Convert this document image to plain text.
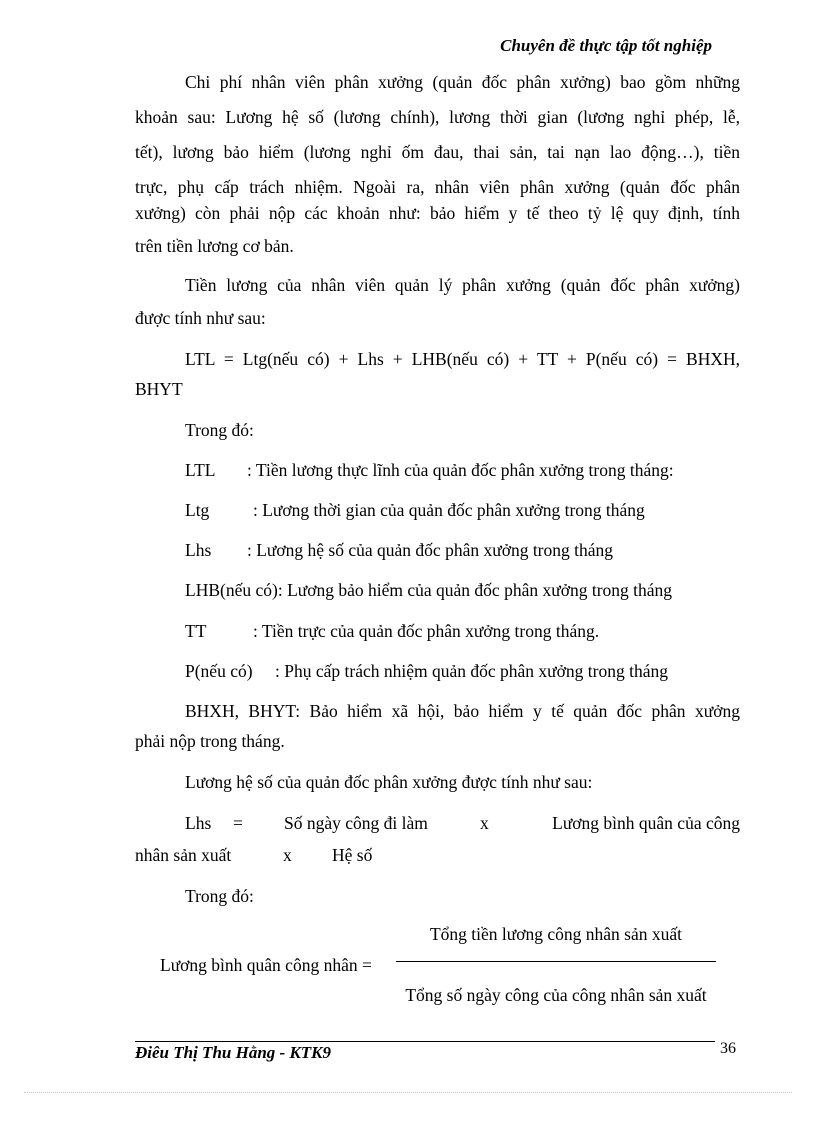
Chuyên đề thực tập tốt nghiệp
Chi phí nhân viên phân xưởng (quản đốc phân xưởng) bao gồm những
khoản sau: Lương hệ số (lương chính), lương thời gian (lương nghỉ phép, lễ,
tết), lương bảo hiểm (lương nghỉ ốm đau, thai sản, tai nạn lao động…), tiền
trực, phụ cấp trách nhiệm. Ngoài ra, nhân viên phân xưởng (quản đốc phân
xưởng) còn phải nộp các khoản như: bảo hiểm y tế theo tỷ lệ quy định, tính
trên tiền lương cơ bản.
Tiền lương của nhân viên quản lý phân xưởng (quản đốc phân xưởng)
được tính như sau:
LTL = Ltg(nếu có) + Lhs + LHB(nếu có) + TT + P(nếu có) = BHXH,
BHYT
Trong đó:
LTL : Tiền lương thực lĩnh của quản đốc phân xưởng trong tháng:
Ltg : Lương thời gian của quản đốc phân xưởng trong tháng
Lhs : Lương hệ số của quản đốc phân xưởng trong tháng
LHB(nếu có): Lương bảo hiểm của quản đốc phân xưởng trong tháng
TT	: Tiền trực của quản đốc phân xưởng trong tháng.
P(nếu có) : Phụ cấp trách nhiệm quản đốc phân xưởng trong tháng
BHXH, BHYT: Bảo hiểm xã hội, bảo hiểm y tế quản đốc phân xưởng
phải nộp trong tháng.
Lương hệ số của quản đốc phân xưởng được tính như sau:
Lhs = Số ngày công đi làm	x	Lương bình quân của công
nhân sản xuất	x Hệ số
Trong đó:
Tổng tiền lương công nhân sản xuất
Lương bình quân công nhân =
Tổng số ngày công của công nhân sản xuất
Điêu Thị Thu Hằng - KTK9	36
